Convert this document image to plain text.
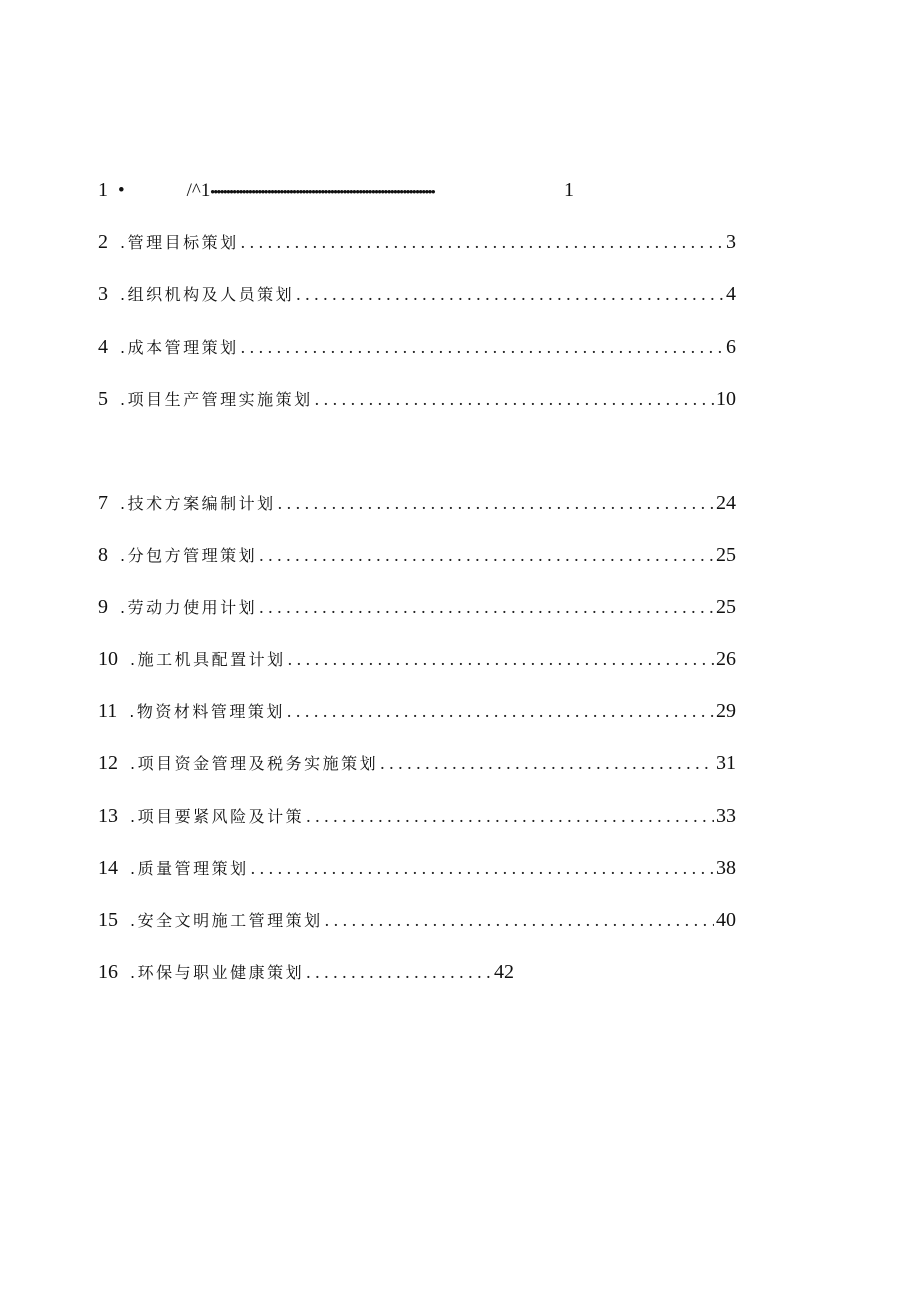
1 •	/^1 •••••	1
2 .管理目标策划 . . .	3
3 .组织机构及人员策划 . . .	4
4 .成本管理策划 . . .	6
5 .项目生产管理实施策划 . . .	10
7 .技术方案编制计划 . . .	24
8 .分包方管理策划 . . .	25
9 .劳动力使用计划 . . .	25
10 .施工机具配置计划 . . .	26
11 .物资材料管理策划 . . .	29
12 .项目资金管理及税务实施策划 . . .	31
13 .项目要紧风险及计策 . . .	33
14 .质量管理策划 . . .	38
15 .安全文明施工管理策划 . . .	40
16 .环保与职业健康策划 . . .	42
